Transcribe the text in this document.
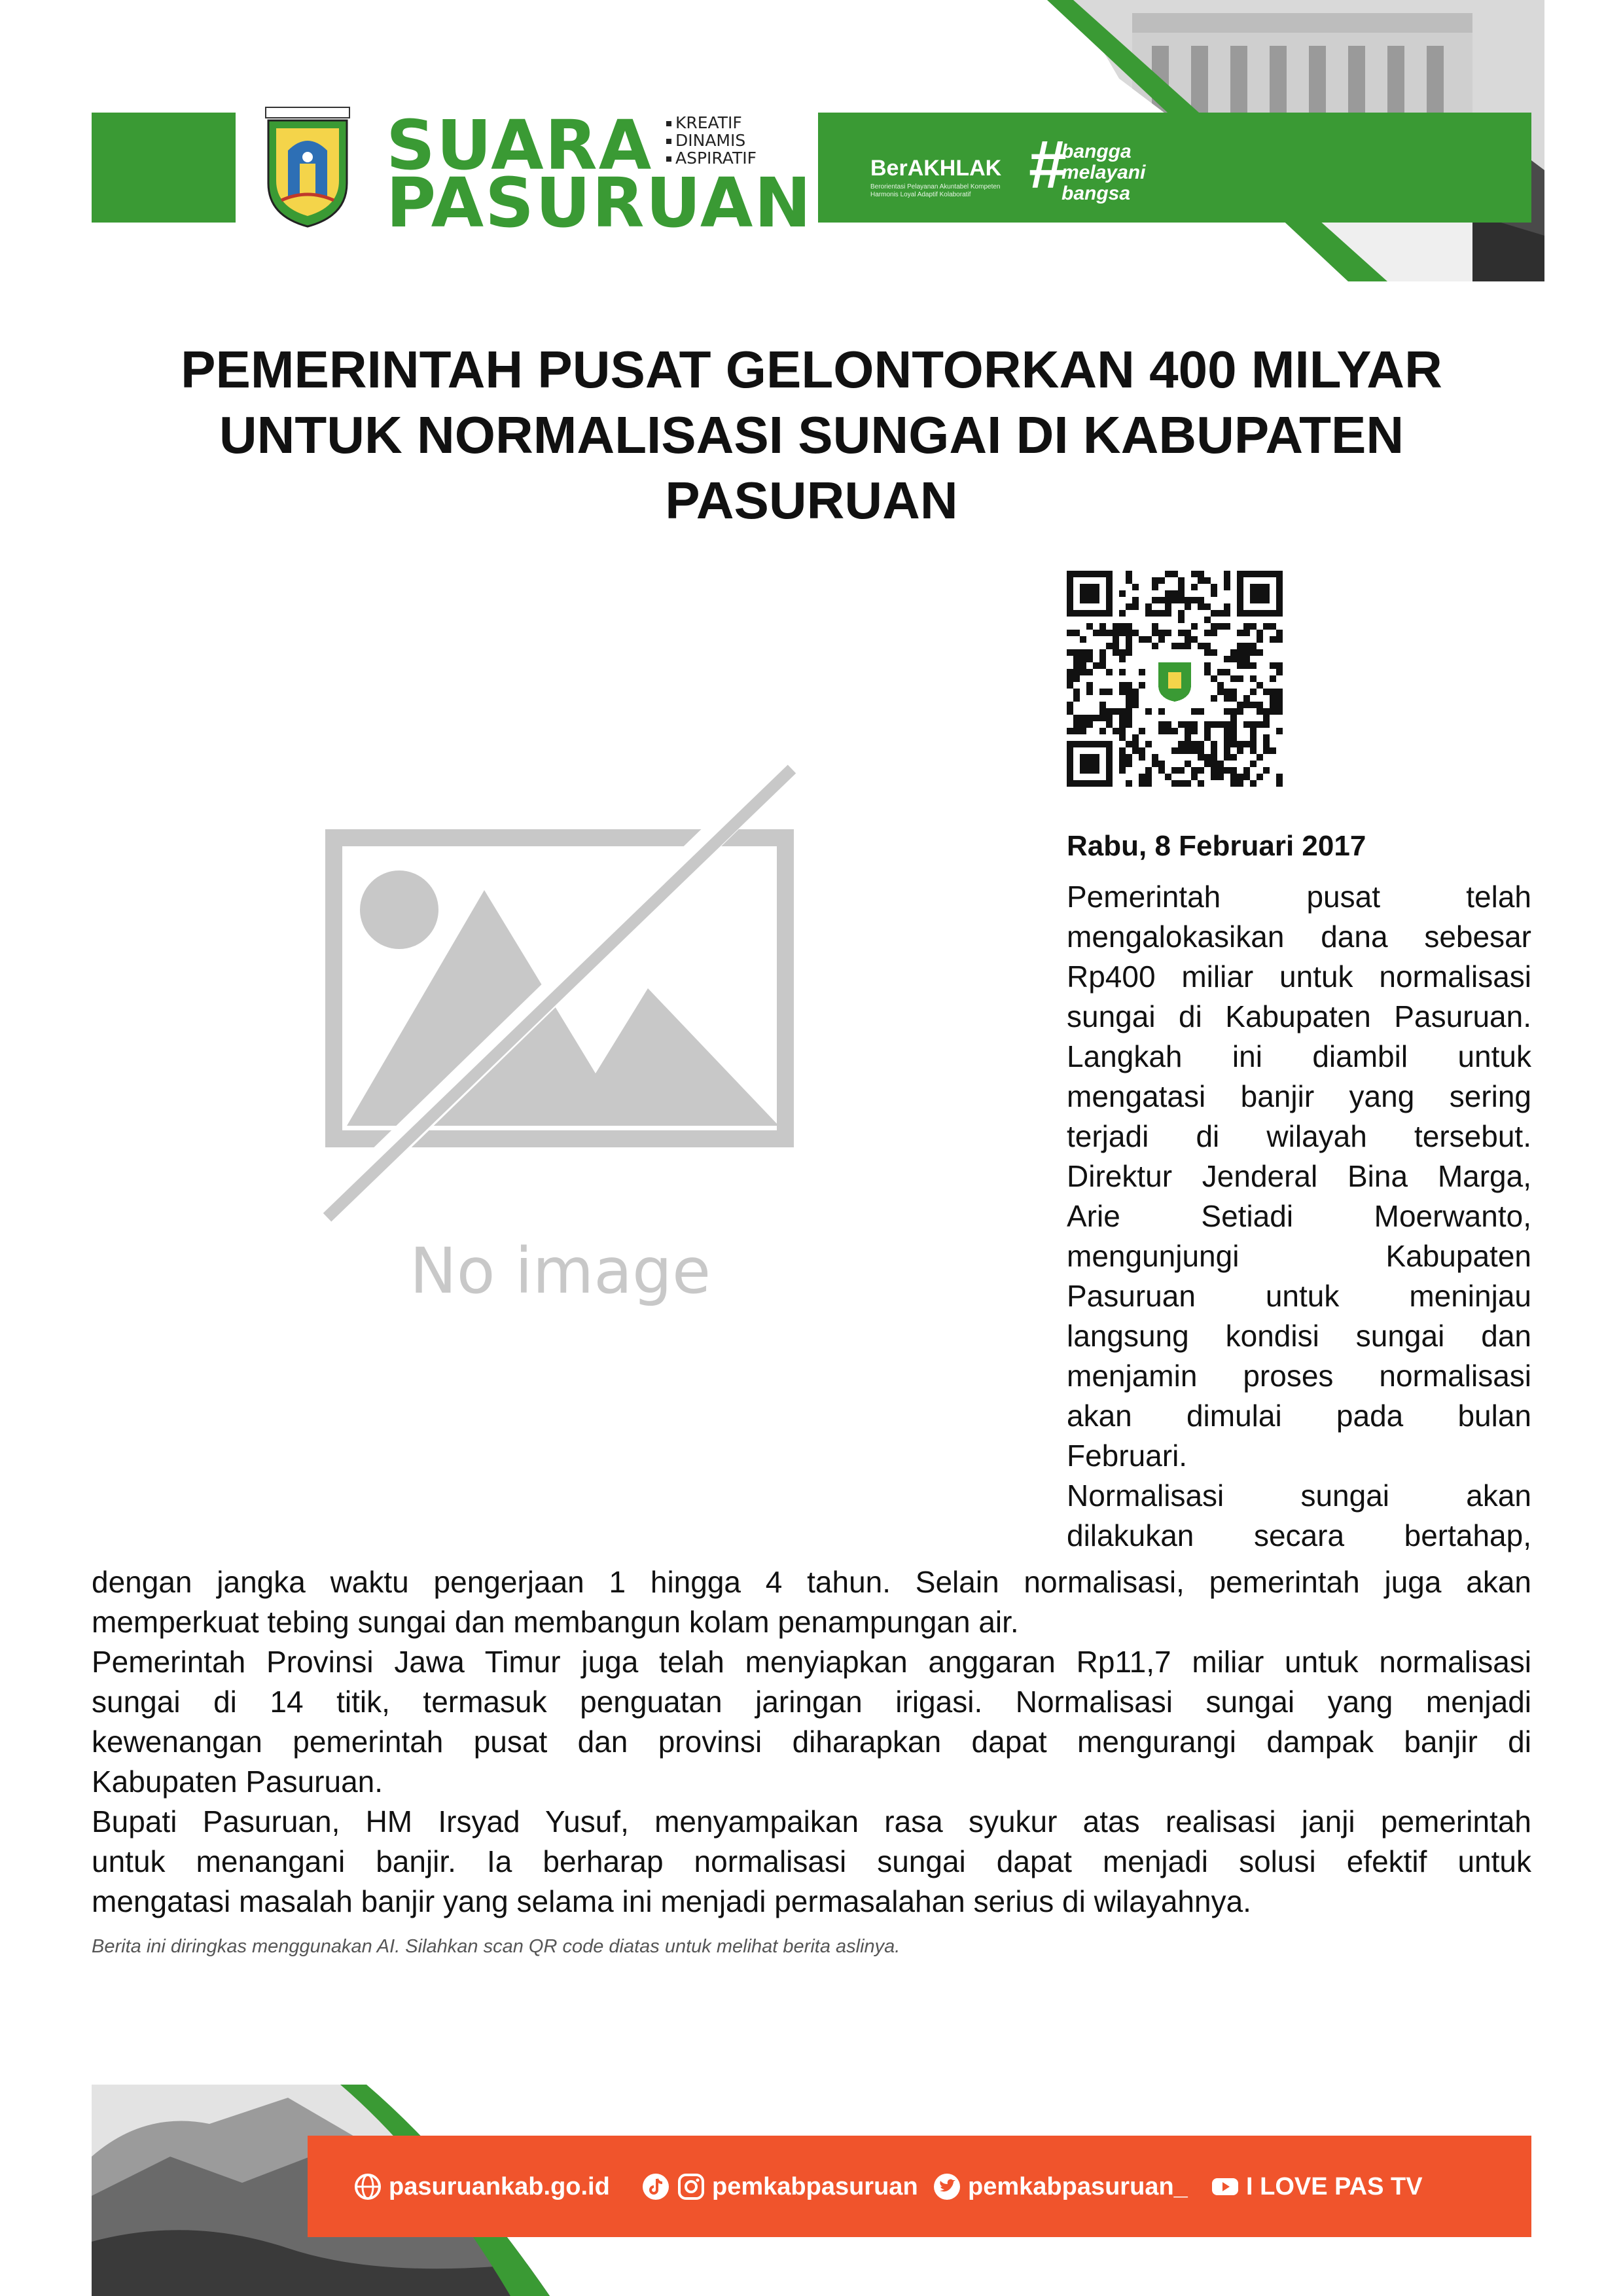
SUARA
PASURUAN
KREATIF
DINAMIS
ASPIRATIF	BerAKHLAK
Berorientasi Pelayanan Akuntabel Kompeten Harmonis Loyal Adaptif Kolaboratif #
bangga
melayani
bangsa
PEMERINTAH PUSAT GELONTORKAN 400 MILYAR
UNTUK NORMALISASI SUNGAI DI KABUPATEN
PASURUAN
No image
Rabu, 8 Februari 2017
Pemerintah pusat telah
mengalokasikan dana sebesar
Rp400 miliar untuk normalisasi
sungai di Kabupaten Pasuruan.
Langkah ini diambil untuk
mengatasi banjir yang sering
terjadi di wilayah tersebut.
Direktur Jenderal Bina Marga,
Arie Setiadi Moerwanto,
mengunjungi Kabupaten
Pasuruan untuk meninjau
langsung kondisi sungai dan
menjamin proses normalisasi
akan dimulai pada bulan
Februari.
Normalisasi sungai akan
dilakukan secara bertahap,
dengan jangka waktu pengerjaan 1 hingga 4 tahun. Selain normalisasi, pemerintah juga akan
memperkuat tebing sungai dan membangun kolam penampungan air.
Pemerintah Provinsi Jawa Timur juga telah menyiapkan anggaran Rp11,7 miliar untuk normalisasi
sungai di 14 titik, termasuk penguatan jaringan irigasi. Normalisasi sungai yang menjadi
kewenangan pemerintah pusat dan provinsi diharapkan dapat mengurangi dampak banjir di
Kabupaten Pasuruan.
Bupati Pasuruan, HM Irsyad Yusuf, menyampaikan rasa syukur atas realisasi janji pemerintah
untuk menangani banjir. Ia berharap normalisasi sungai dapat menjadi solusi efektif untuk
mengatasi masalah banjir yang selama ini menjadi permasalahan serius di wilayahnya.
Berita ini diringkas menggunakan AI. Silahkan scan QR code diatas untuk melihat berita aslinya.
pasuruankab.go.id	pemkabpasuruan pemkabpasuruan_ I LOVE PAS TV
